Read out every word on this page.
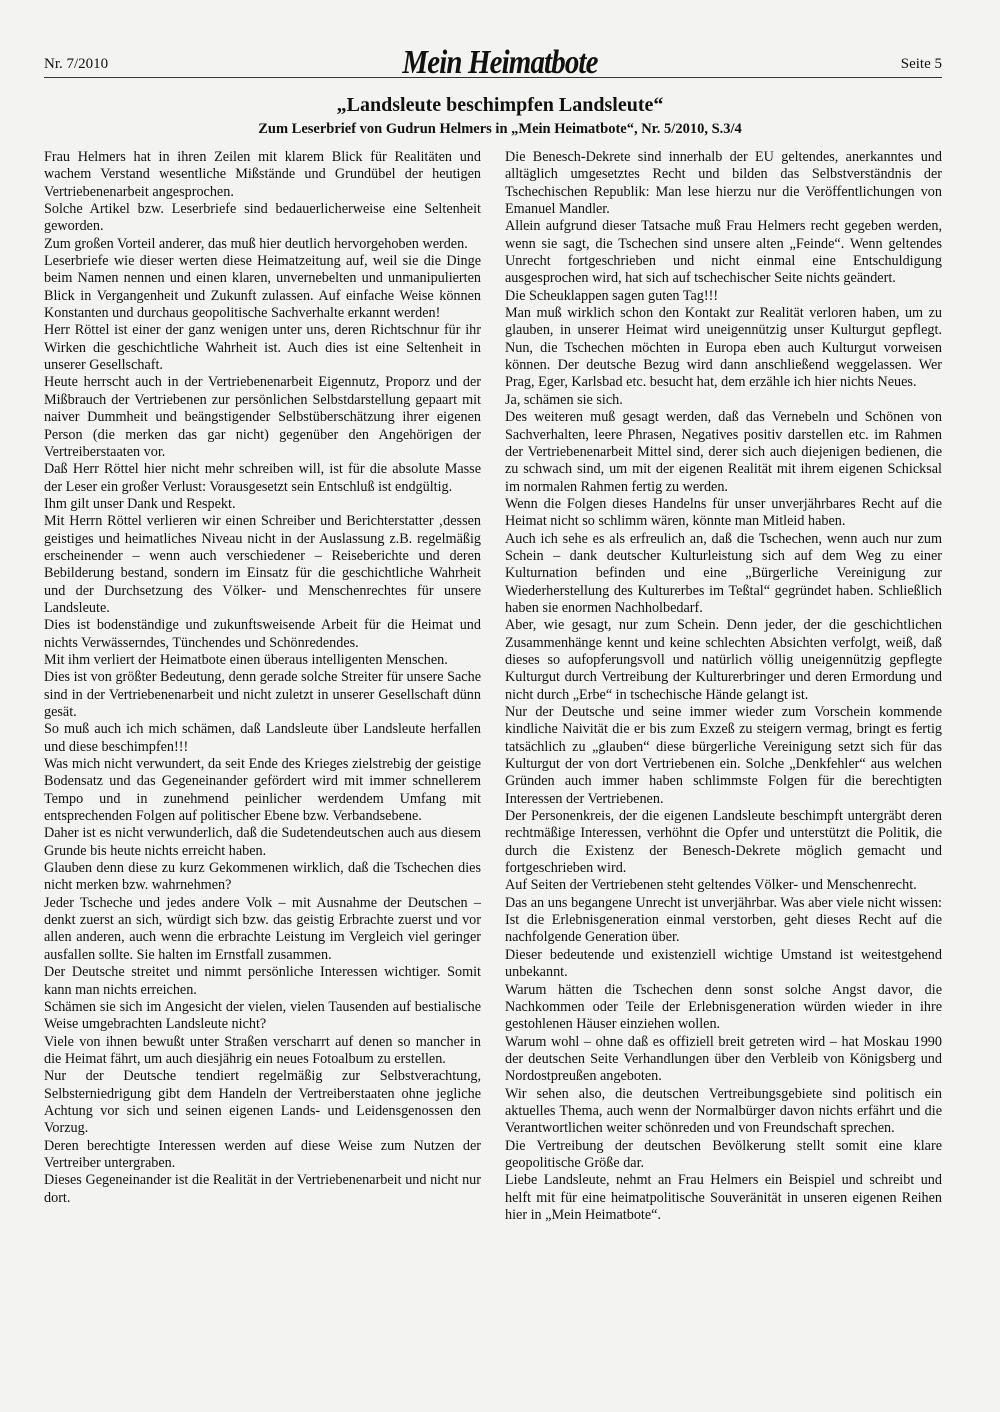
Nr. 7/2010	Mein Heimatbote	Seite 5
„Landsleute beschimpfen Landsleute“
Zum Leserbrief von Gudrun Helmers in „Mein Heimatbote“, Nr. 5/2010, S.3/4

Frau Helmers hat in ihren Zeilen mit klarem Blick für Realitäten und wachem Verstand wesentliche Mißstände und Grundübel der heutigen Vertriebenenarbeit angesprochen.

Solche Artikel bzw. Leserbriefe sind bedauerlicherweise eine Seltenheit geworden.

Zum großen Vorteil anderer, das muß hier deutlich hervorgehoben werden.

Leserbriefe wie dieser werten diese Heimatzeitung auf, weil sie die Dinge beim Namen nennen und einen klaren, unvernebelten und unmanipulierten Blick in Vergangenheit und Zukunft zulassen. Auf einfache Weise können Konstanten und durchaus geopolitische Sachverhalte erkannt werden!

Herr Röttel ist einer der ganz wenigen unter uns, deren Richtschnur für ihr Wirken die geschichtliche Wahrheit ist. Auch dies ist eine Seltenheit in unserer Gesellschaft.

Heute herrscht auch in der Vertriebenenarbeit Eigennutz, Proporz und der Mißbrauch der Vertriebenen zur persönlichen Selbstdarstellung gepaart mit naiver Dummheit und beängstigender Selbstüberschätzung ihrer eigenen Person (die merken das gar nicht) gegenüber den Angehörigen der Vertreiberstaaten vor.

Daß Herr Röttel hier nicht mehr schreiben will, ist für die absolute Masse der Leser ein großer Verlust: Vorausgesetzt sein Entschluß ist endgültig.

Ihm gilt unser Dank und Respekt.

Mit Herrn Röttel verlieren wir einen Schreiber und Berichterstatter ‚dessen geistiges und heimatliches Niveau nicht in der Auslassung z.B. regelmäßig erscheinender – wenn auch verschiedener – Reiseberichte und deren Bebilderung bestand, sondern im Einsatz für die geschichtliche Wahrheit und der Durchsetzung des Völker- und Menschenrechtes für unsere Landsleute.

Dies ist bodenständige und zukunftsweisende Arbeit für die Heimat und nichts Verwässerndes, Tünchendes und Schönredendes.

Mit ihm verliert der Heimatbote einen überaus intelligenten Menschen.

Dies ist von größter Bedeutung, denn gerade solche Streiter für unsere Sache sind in der Vertriebenenarbeit und nicht zuletzt in unserer Gesellschaft dünn gesät.

So muß auch ich mich schämen, daß Landsleute über Landsleute herfallen und diese beschimpfen!!!

Was mich nicht verwundert, da seit Ende des Krieges zielstrebig der geistige Bodensatz und das Gegeneinander gefördert wird mit immer schnellerem Tempo und in zunehmend peinlicher werdendem Umfang mit entsprechenden Folgen auf politischer Ebene bzw. Verbandsebene.

Daher ist es nicht verwunderlich, daß die Sudetendeutschen auch aus diesem Grunde bis heute nichts erreicht haben.

Glauben denn diese zu kurz Gekommenen wirklich, daß die Tschechen dies nicht merken bzw. wahrnehmen?

Jeder Tscheche und jedes andere Volk – mit Ausnahme der Deutschen – denkt zuerst an sich, würdigt sich bzw. das geistig Erbrachte zuerst und vor allen anderen, auch wenn die erbrachte Leistung im Vergleich viel geringer ausfallen sollte. Sie halten im Ernstfall zusammen.

Der Deutsche streitet und nimmt persönliche Interessen wichtiger. Somit kann man nichts erreichen.

Schämen sie sich im Angesicht der vielen, vielen Tausenden auf bestialische Weise umgebrachten Landsleute nicht?

Viele von ihnen bewußt unter Straßen verscharrt auf denen so mancher in die Heimat fährt, um auch diesjährig ein neues Fotoalbum zu erstellen.

Nur der Deutsche tendiert regelmäßig zur Selbstverachtung, Selbsterniedrigung gibt dem Handeln der Vertreiberstaaten ohne jegliche Achtung vor sich und seinen eigenen Lands- und Leidensgenossen den Vorzug.

Deren berechtigte Interessen werden auf diese Weise zum Nutzen der Vertreiber untergraben.

Dieses Gegeneinander ist die Realität in der Vertriebenenarbeit und nicht nur dort.

Die Benesch-Dekrete sind innerhalb der EU geltendes, anerkanntes und alltäglich umgesetztes Recht und bilden das Selbstverständnis der Tschechischen Republik: Man lese hierzu nur die Veröffentlichungen von Emanuel Mandler.

Allein aufgrund dieser Tatsache muß Frau Helmers recht gegeben werden, wenn sie sagt, die Tschechen sind unsere alten „Feinde“. Wenn geltendes Unrecht fortgeschrieben und nicht einmal eine Entschuldigung ausgesprochen wird, hat sich auf tschechischer Seite nichts geändert.

Die Scheuklappen sagen guten Tag!!!

Man muß wirklich schon den Kontakt zur Realität verloren haben, um zu glauben, in unserer Heimat wird uneigennützig unser Kulturgut gepflegt. Nun, die Tschechen möchten in Europa eben auch Kulturgut vorweisen können. Der deutsche Bezug wird dann anschließend weggelassen. Wer Prag, Eger, Karlsbad etc. besucht hat, dem erzähle ich hier nichts Neues.

Ja, schämen sie sich.

Des weiteren muß gesagt werden, daß das Vernebeln und Schönen von Sachverhalten, leere Phrasen, Negatives positiv darstellen etc. im Rahmen der Vertriebenenarbeit Mittel sind, derer sich auch diejenigen bedienen, die zu schwach sind, um mit der eigenen Realität mit ihrem eigenen Schicksal im normalen Rahmen fertig zu werden.

Wenn die Folgen dieses Handelns für unser unverjährbares Recht auf die Heimat nicht so schlimm wären, könnte man Mitleid haben.

Auch ich sehe es als erfreulich an, daß die Tschechen, wenn auch nur zum Schein – dank deutscher Kulturleistung sich auf dem Weg zu einer Kulturnation befinden und eine „Bürgerliche Vereinigung zur Wiederherstellung des Kulturerbes im Teßtal“ gegründet haben. Schließlich haben sie enormen Nachholbedarf.

Aber, wie gesagt, nur zum Schein. Denn jeder, der die geschichtlichen Zusammenhänge kennt und keine schlechten Absichten verfolgt, weiß, daß dieses so aufopferungsvoll und natürlich völlig uneigennützig gepflegte Kulturgut durch Vertreibung der Kulturerbringer und deren Ermordung und nicht durch „Erbe“ in tschechische Hände gelangt ist.

Nur der Deutsche und seine immer wieder zum Vorschein kommende kindliche Naivität die er bis zum Exzeß zu steigern vermag, bringt es fertig tatsächlich zu „glauben“ diese bürgerliche Vereinigung setzt sich für das Kulturgut der von dort Vertriebenen ein. Solche „Denkfehler“ aus welchen Gründen auch immer haben schlimmste Folgen für die berechtigten Interessen der Vertriebenen.

Der Personenkreis, der die eigenen Landsleute beschimpft untergräbt deren rechtmäßige Interessen, verhöhnt die Opfer und unterstützt die Politik, die durch die Existenz der Benesch-Dekrete möglich gemacht und fortgeschrieben wird.

Auf Seiten der Vertriebenen steht geltendes Völker- und Menschenrecht.

Das an uns begangene Unrecht ist unverjährbar. Was aber viele nicht wissen: Ist die Erlebnisgeneration einmal verstorben, geht dieses Recht auf die nachfolgende Generation über.

Dieser bedeutende und existenziell wichtige Umstand ist weitestgehend unbekannt.

Warum hätten die Tschechen denn sonst solche Angst davor, die Nachkommen oder Teile der Erlebnisgeneration würden wieder in ihre gestohlenen Häuser einziehen wollen.

Warum wohl – ohne daß es offiziell breit getreten wird – hat Moskau 1990 der deutschen Seite Verhandlungen über den Verbleib von Königsberg und Nordostpreußen angeboten.

Wir sehen also, die deutschen Vertreibungsgebiete sind politisch ein aktuelles Thema, auch wenn der Normalbürger davon nichts erfährt und die Verantwortlichen weiter schönreden und von Freundschaft sprechen.

Die Vertreibung der deutschen Bevölkerung stellt somit eine klare geopolitische Größe dar.

Liebe Landsleute, nehmt an Frau Helmers ein Beispiel und schreibt und helft mit für eine heimatpolitische Souveränität in unseren eigenen Reihen hier in „Mein Heimatbote“.
